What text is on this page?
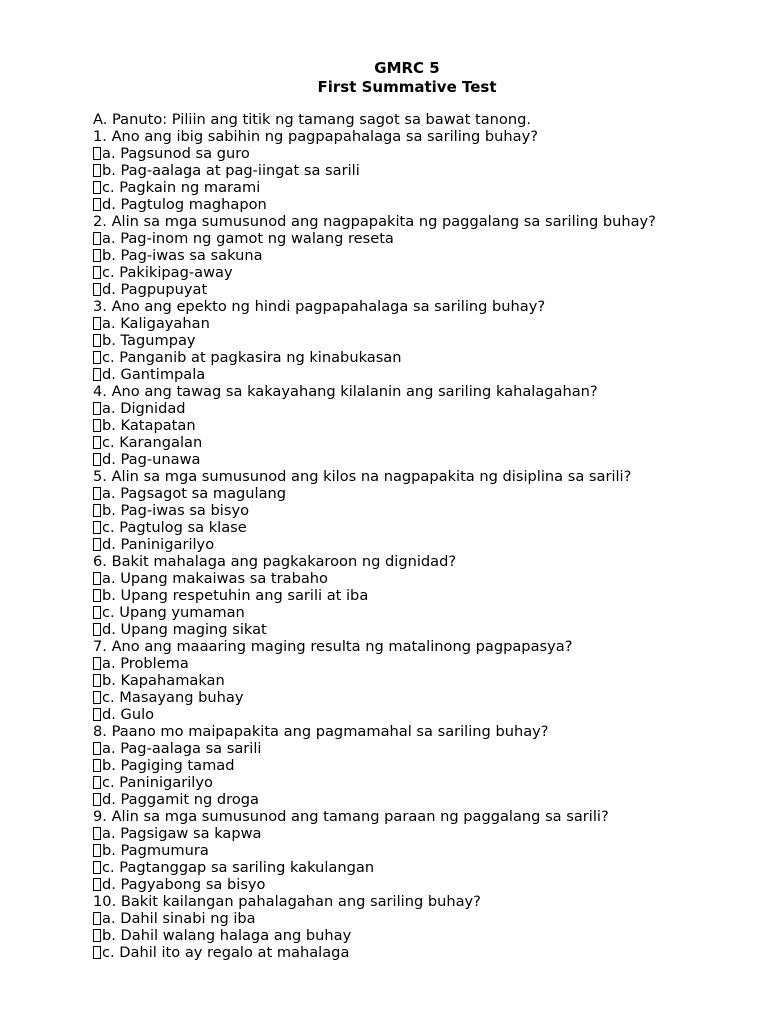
GMRC 5
First Summative Test
A. Panuto: Piliin ang titik ng tamang sagot sa bawat tanong.
1. Ano ang ibig sabihin ng pagpapahalaga sa sariling buhay?
a. Pagsunod sa guro
b. Pag-aalaga at pag-iingat sa sarili
c. Pagkain ng marami
d. Pagtulog maghapon
2. Alin sa mga sumusunod ang nagpapakita ng paggalang sa sariling buhay?
a. Pag-inom ng gamot ng walang reseta
b. Pag-iwas sa sakuna
c. Pakikipag-away
d. Pagpupuyat
3. Ano ang epekto ng hindi pagpapahalaga sa sariling buhay?
a. Kaligayahan
b. Tagumpay
c. Panganib at pagkasira ng kinabukasan
d. Gantimpala
4. Ano ang tawag sa kakayahang kilalanin ang sariling kahalagahan?
a. Dignidad
b. Katapatan
c. Karangalan
d. Pag-unawa
5. Alin sa mga sumusunod ang kilos na nagpapakita ng disiplina sa sarili?
a. Pagsagot sa magulang
b. Pag-iwas sa bisyo
c. Pagtulog sa klase
d. Paninigarilyo
6. Bakit mahalaga ang pagkakaroon ng dignidad?
a. Upang makaiwas sa trabaho
b. Upang respetuhin ang sarili at iba
c. Upang yumaman
d. Upang maging sikat
7. Ano ang maaaring maging resulta ng matalinong pagpapasya?
a. Problema
b. Kapahamakan
c. Masayang buhay
d. Gulo
8. Paano mo maipapakita ang pagmamahal sa sariling buhay?
a. Pag-aalaga sa sarili
b. Pagiging tamad
c. Paninigarilyo
d. Paggamit ng droga
9. Alin sa mga sumusunod ang tamang paraan ng paggalang sa sarili?
a. Pagsigaw sa kapwa
b. Pagmumura
c. Pagtanggap sa sariling kakulangan
d. Pagyabong sa bisyo
10. Bakit kailangan pahalagahan ang sariling buhay?
a. Dahil sinabi ng iba
b. Dahil walang halaga ang buhay
c. Dahil ito ay regalo at mahalaga
